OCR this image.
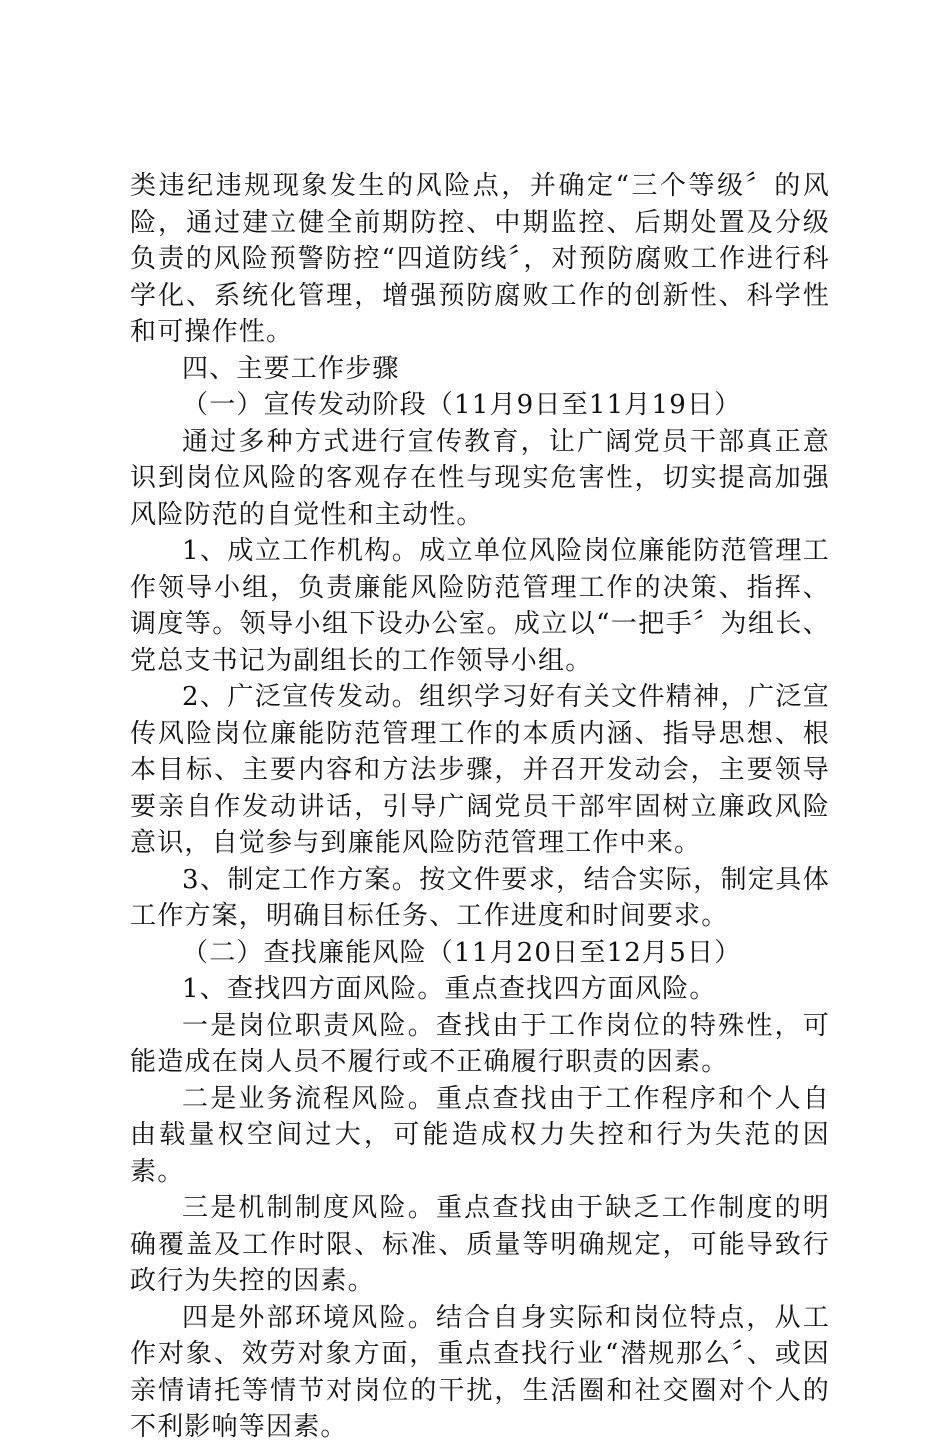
类违纪违规现象发生的风险点，并确定“三个等级〞的风险，通过建立健全前期防控、中期监控、后期处置及分级负责的风险预警防控“四道防线〞，对预防腐败工作进行科学化、系统化管理，增强预防腐败工作的创新性、科学性和可操作性。

四、主要工作步骤

（一）宣传发动阶段（11月9日至11月19日）

通过多种方式进行宣传教育，让广阔党员干部真正意识到岗位风险的客观存在性与现实危害性，切实提高加强风险防范的自觉性和主动性。

1、成立工作机构。成立单位风险岗位廉能防范管理工作领导小组，负责廉能风险防范管理工作的决策、指挥、调度等。领导小组下设办公室。成立以“一把手〞为组长、党总支书记为副组长的工作领导小组。

2、广泛宣传发动。组织学习好有关文件精神，广泛宣传风险岗位廉能防范管理工作的本质内涵、指导思想、根本目标、主要内容和方法步骤，并召开发动会，主要领导要亲自作发动讲话，引导广阔党员干部牢固树立廉政风险意识，自觉参与到廉能风险防范管理工作中来。

3、制定工作方案。按文件要求，结合实际，制定具体工作方案，明确目标任务、工作进度和时间要求。

（二）查找廉能风险（11月20日至12月5日）

1、查找四方面风险。重点查找四方面风险。

一是岗位职责风险。查找由于工作岗位的特殊性，可能造成在岗人员不履行或不正确履行职责的因素。

二是业务流程风险。重点查找由于工作程序和个人自由载量权空间过大，可能造成权力失控和行为失范的因素。

三是机制制度风险。重点查找由于缺乏工作制度的明确覆盖及工作时限、标准、质量等明确规定，可能导致行政行为失控的因素。

四是外部环境风险。结合自身实际和岗位特点，从工作对象、效劳对象方面，重点查找行业“潜规那么〞、或因亲情请托等情节对岗位的干扰，生活圈和社交圈对个人的不利影响等因素。
